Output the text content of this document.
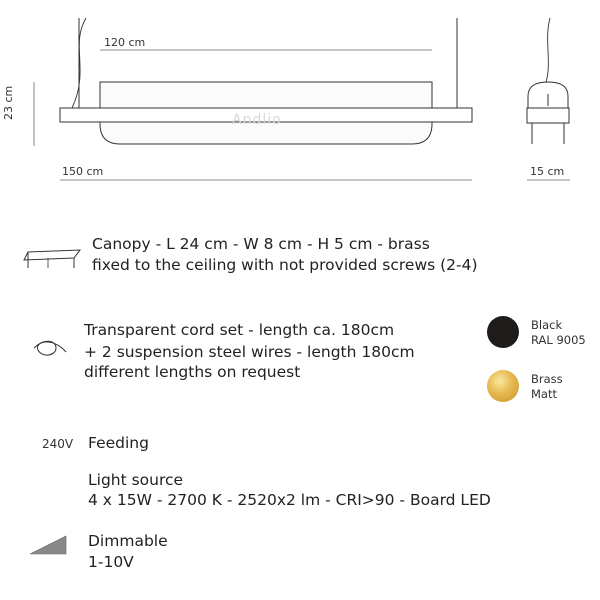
120 cm
150 cm
23 cm
15 cm
Andlio
Canopy - L 24 cm - W 8 cm - H 5 cm - brass
fixed to the ceiling with not provided screws (2-4)
Transparent cord set - length ca. 180cm
+ 2 suspension steel wires - length 180cm
different lengths on request
Black
RAL 9005
Brass
Matt
240V Feeding
Light source
4 x 15W - 2700 K - 2520x2 lm - CRI>90 - Board LED
Dimmable
1-10V
